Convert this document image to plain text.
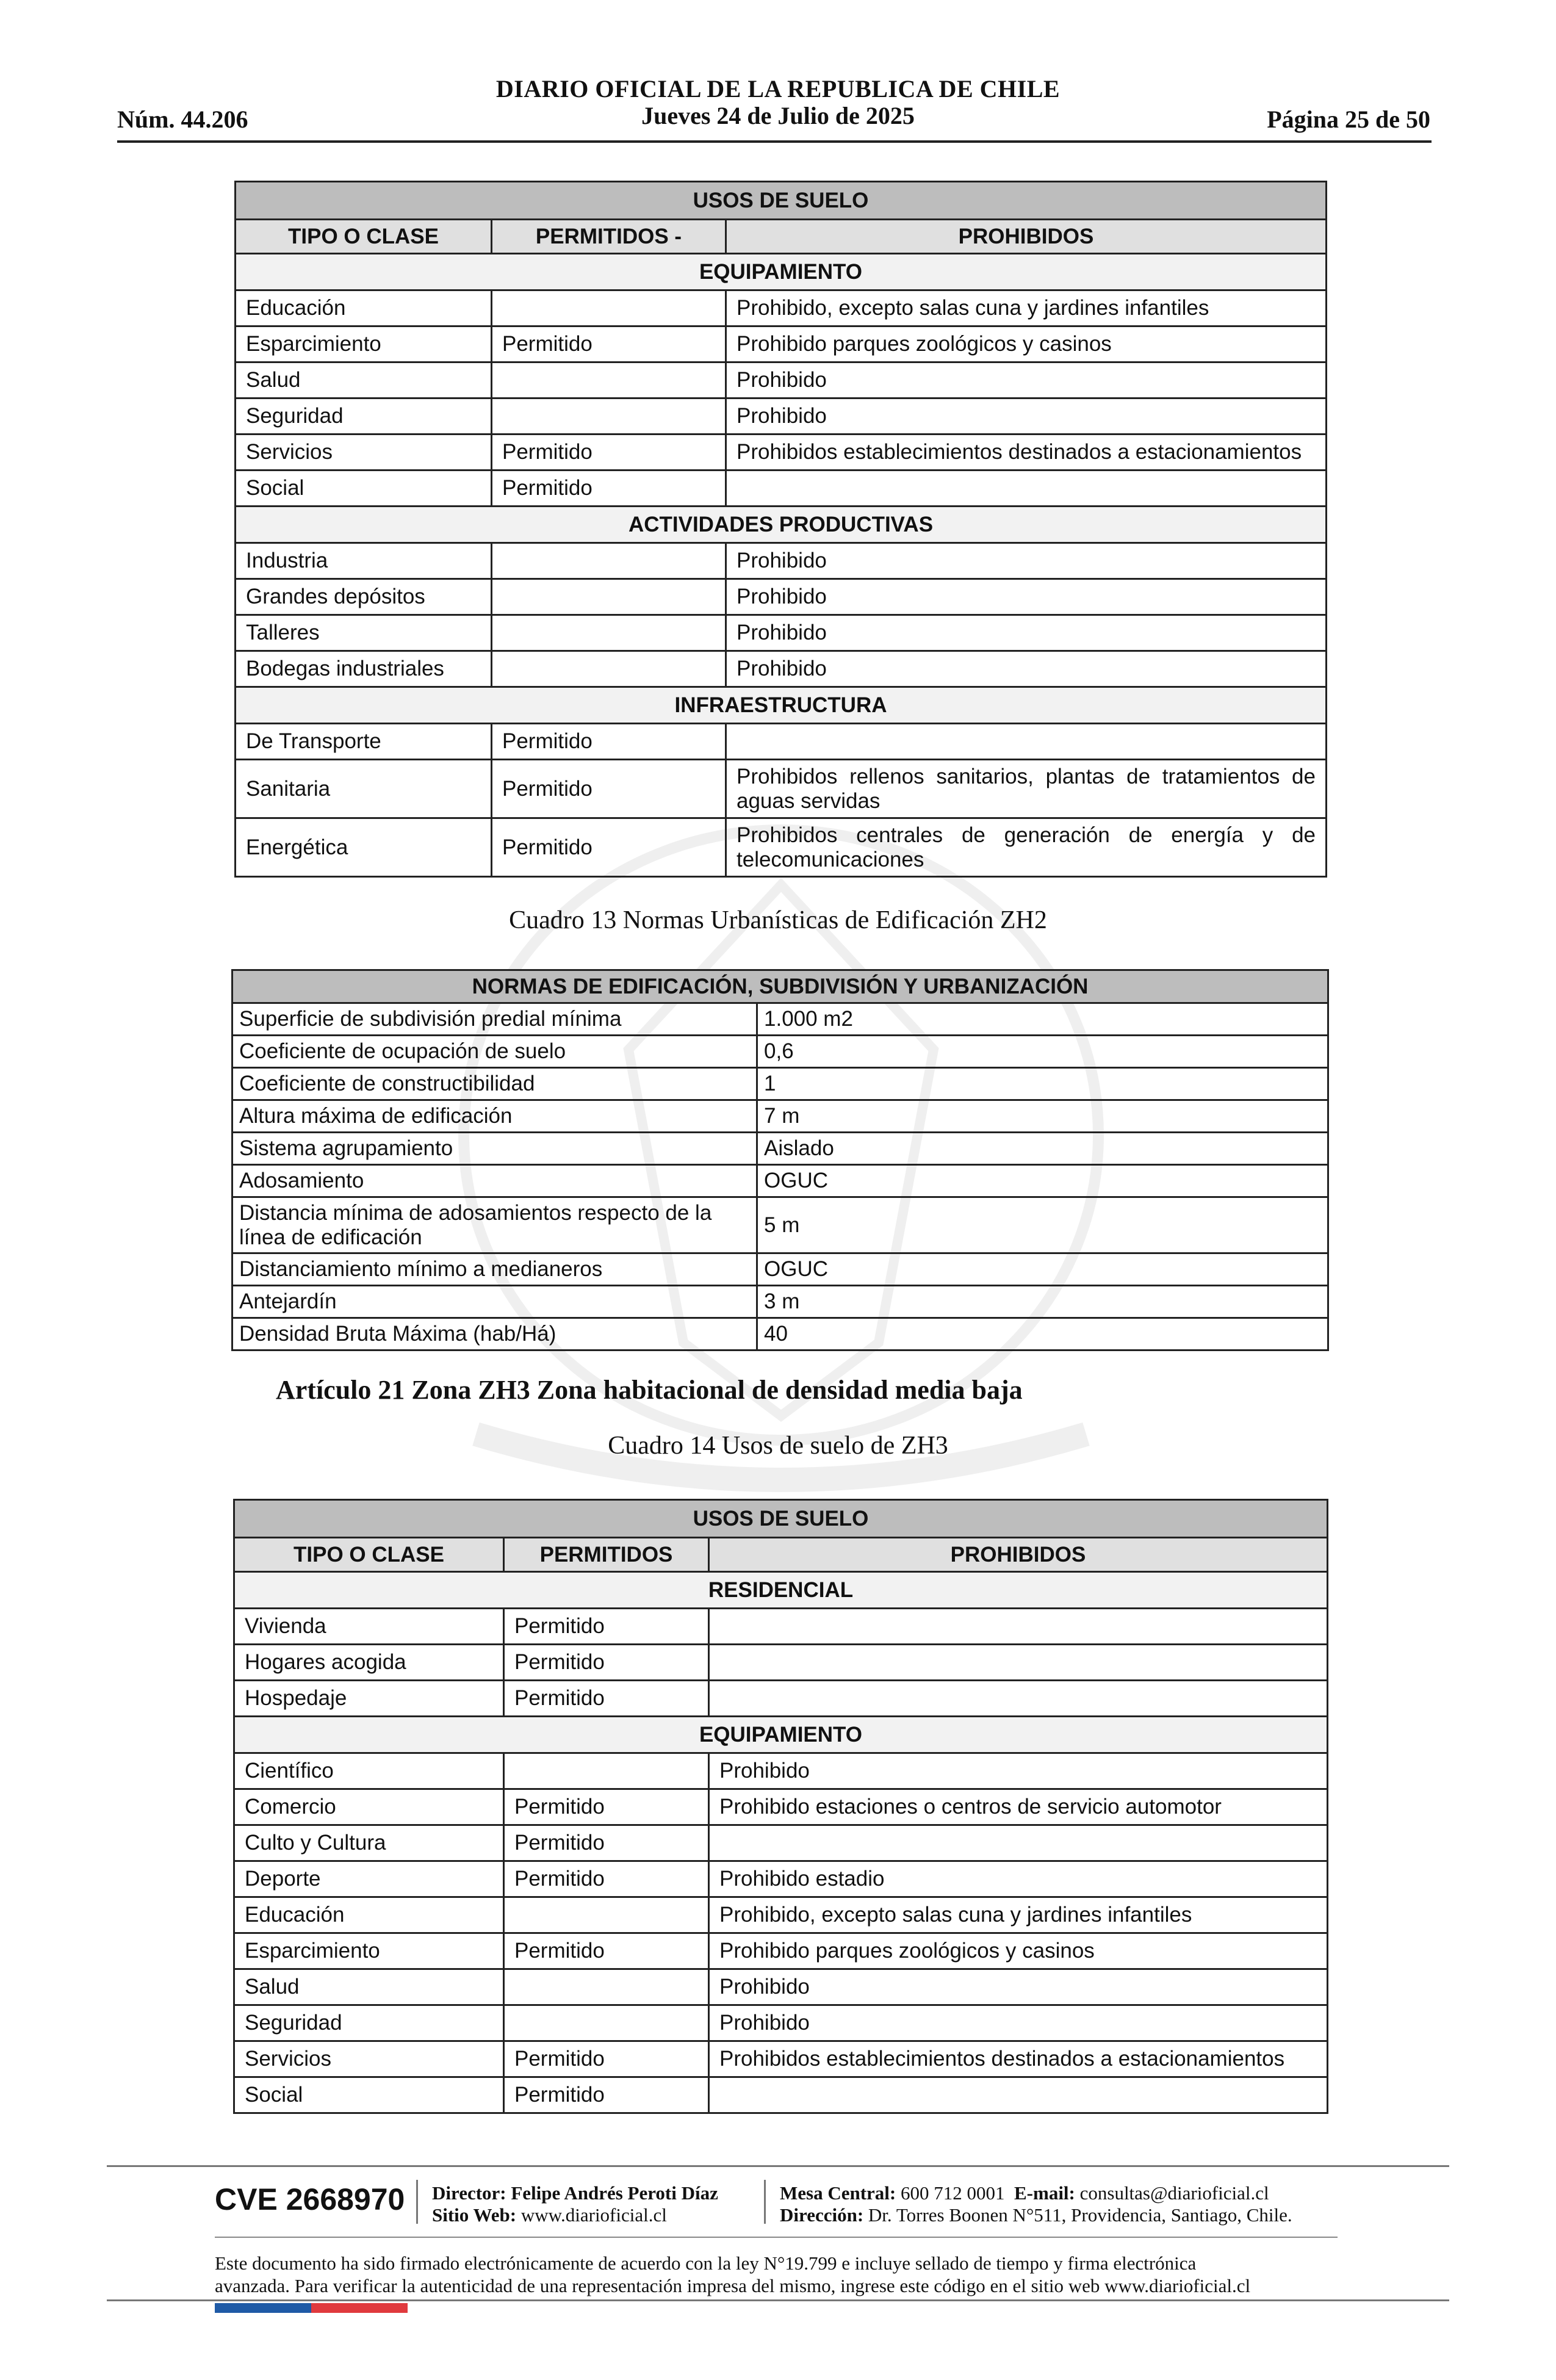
DIARIO OFICIAL DE LA REPUBLICA DE CHILE
Jueves 24 de Julio de 2025
Núm. 44.206	Página 25 de 50
USOS DE SUELO		
TIPO O CLASE	PERMITIDOS -	PROHIBIDOS
EQUIPAMIENTO		
Educación		Prohibido, excepto salas cuna y jardines infantiles
Esparcimiento	Permitido	Prohibido parques zoológicos y casinos
Salud		Prohibido
Seguridad		Prohibido
Servicios	Permitido	Prohibidos establecimientos destinados a estacionamientos
Social	Permitido	
ACTIVIDADES PRODUCTIVAS		
Industria		Prohibido
Grandes depósitos		Prohibido
Talleres		Prohibido
Bodegas industriales		Prohibido
INFRAESTRUCTURA		
De Transporte	Permitido	
Sanitaria	Permitido	Prohibidos rellenos sanitarios, plantas de tratamientos de aguas servidas
Energética	Permitido	Prohibidos centrales de generación de energía y de telecomunicaciones
Cuadro 13 Normas Urbanísticas de Edificación ZH2
NORMAS DE EDIFICACIÓN, SUBDIVISIÓN Y URBANIZACIÓN	
Superficie de subdivisión predial mínima	1.000 m2
Coeficiente de ocupación de suelo	0,6
Coeficiente de constructibilidad	1
Altura máxima de edificación	7 m
Sistema agrupamiento	Aislado
Adosamiento	OGUC
Distancia mínima de adosamientos respecto de la línea de edificación	5 m
Distanciamiento mínimo a medianeros	OGUC
Antejardín	3 m
Densidad Bruta Máxima (hab/Há)	40
Artículo 21 Zona ZH3 Zona habitacional de densidad media baja
Cuadro 14 Usos de suelo de ZH3
USOS DE SUELO		
TIPO O CLASE	PERMITIDOS	PROHIBIDOS
RESIDENCIAL		
Vivienda	Permitido	
Hogares acogida	Permitido	
Hospedaje	Permitido	
EQUIPAMIENTO		
Científico		Prohibido
Comercio	Permitido	Prohibido estaciones o centros de servicio automotor
Culto y Cultura	Permitido	
Deporte	Permitido	Prohibido estadio
Educación		Prohibido, excepto salas cuna y jardines infantiles
Esparcimiento	Permitido	Prohibido parques zoológicos y casinos
Salud		Prohibido
Seguridad		Prohibido
Servicios	Permitido	Prohibidos establecimientos destinados a estacionamientos
Social	Permitido	
CVE 2668970 Director: Felipe Andrés Peroti Díaz
Sitio Web: www.diarioficial.cl
Mesa Central: 600 712 0001 E-mail: consultas@diarioficial.cl
Dirección: Dr. Torres Boonen N°511, Providencia, Santiago, Chile.
Este documento ha sido firmado electrónicamente de acuerdo con la ley N°19.799 e incluye sellado de tiempo y firma electrónica
avanzada. Para verificar la autenticidad de una representación impresa del mismo, ingrese este código en el sitio web www.diarioficial.cl
